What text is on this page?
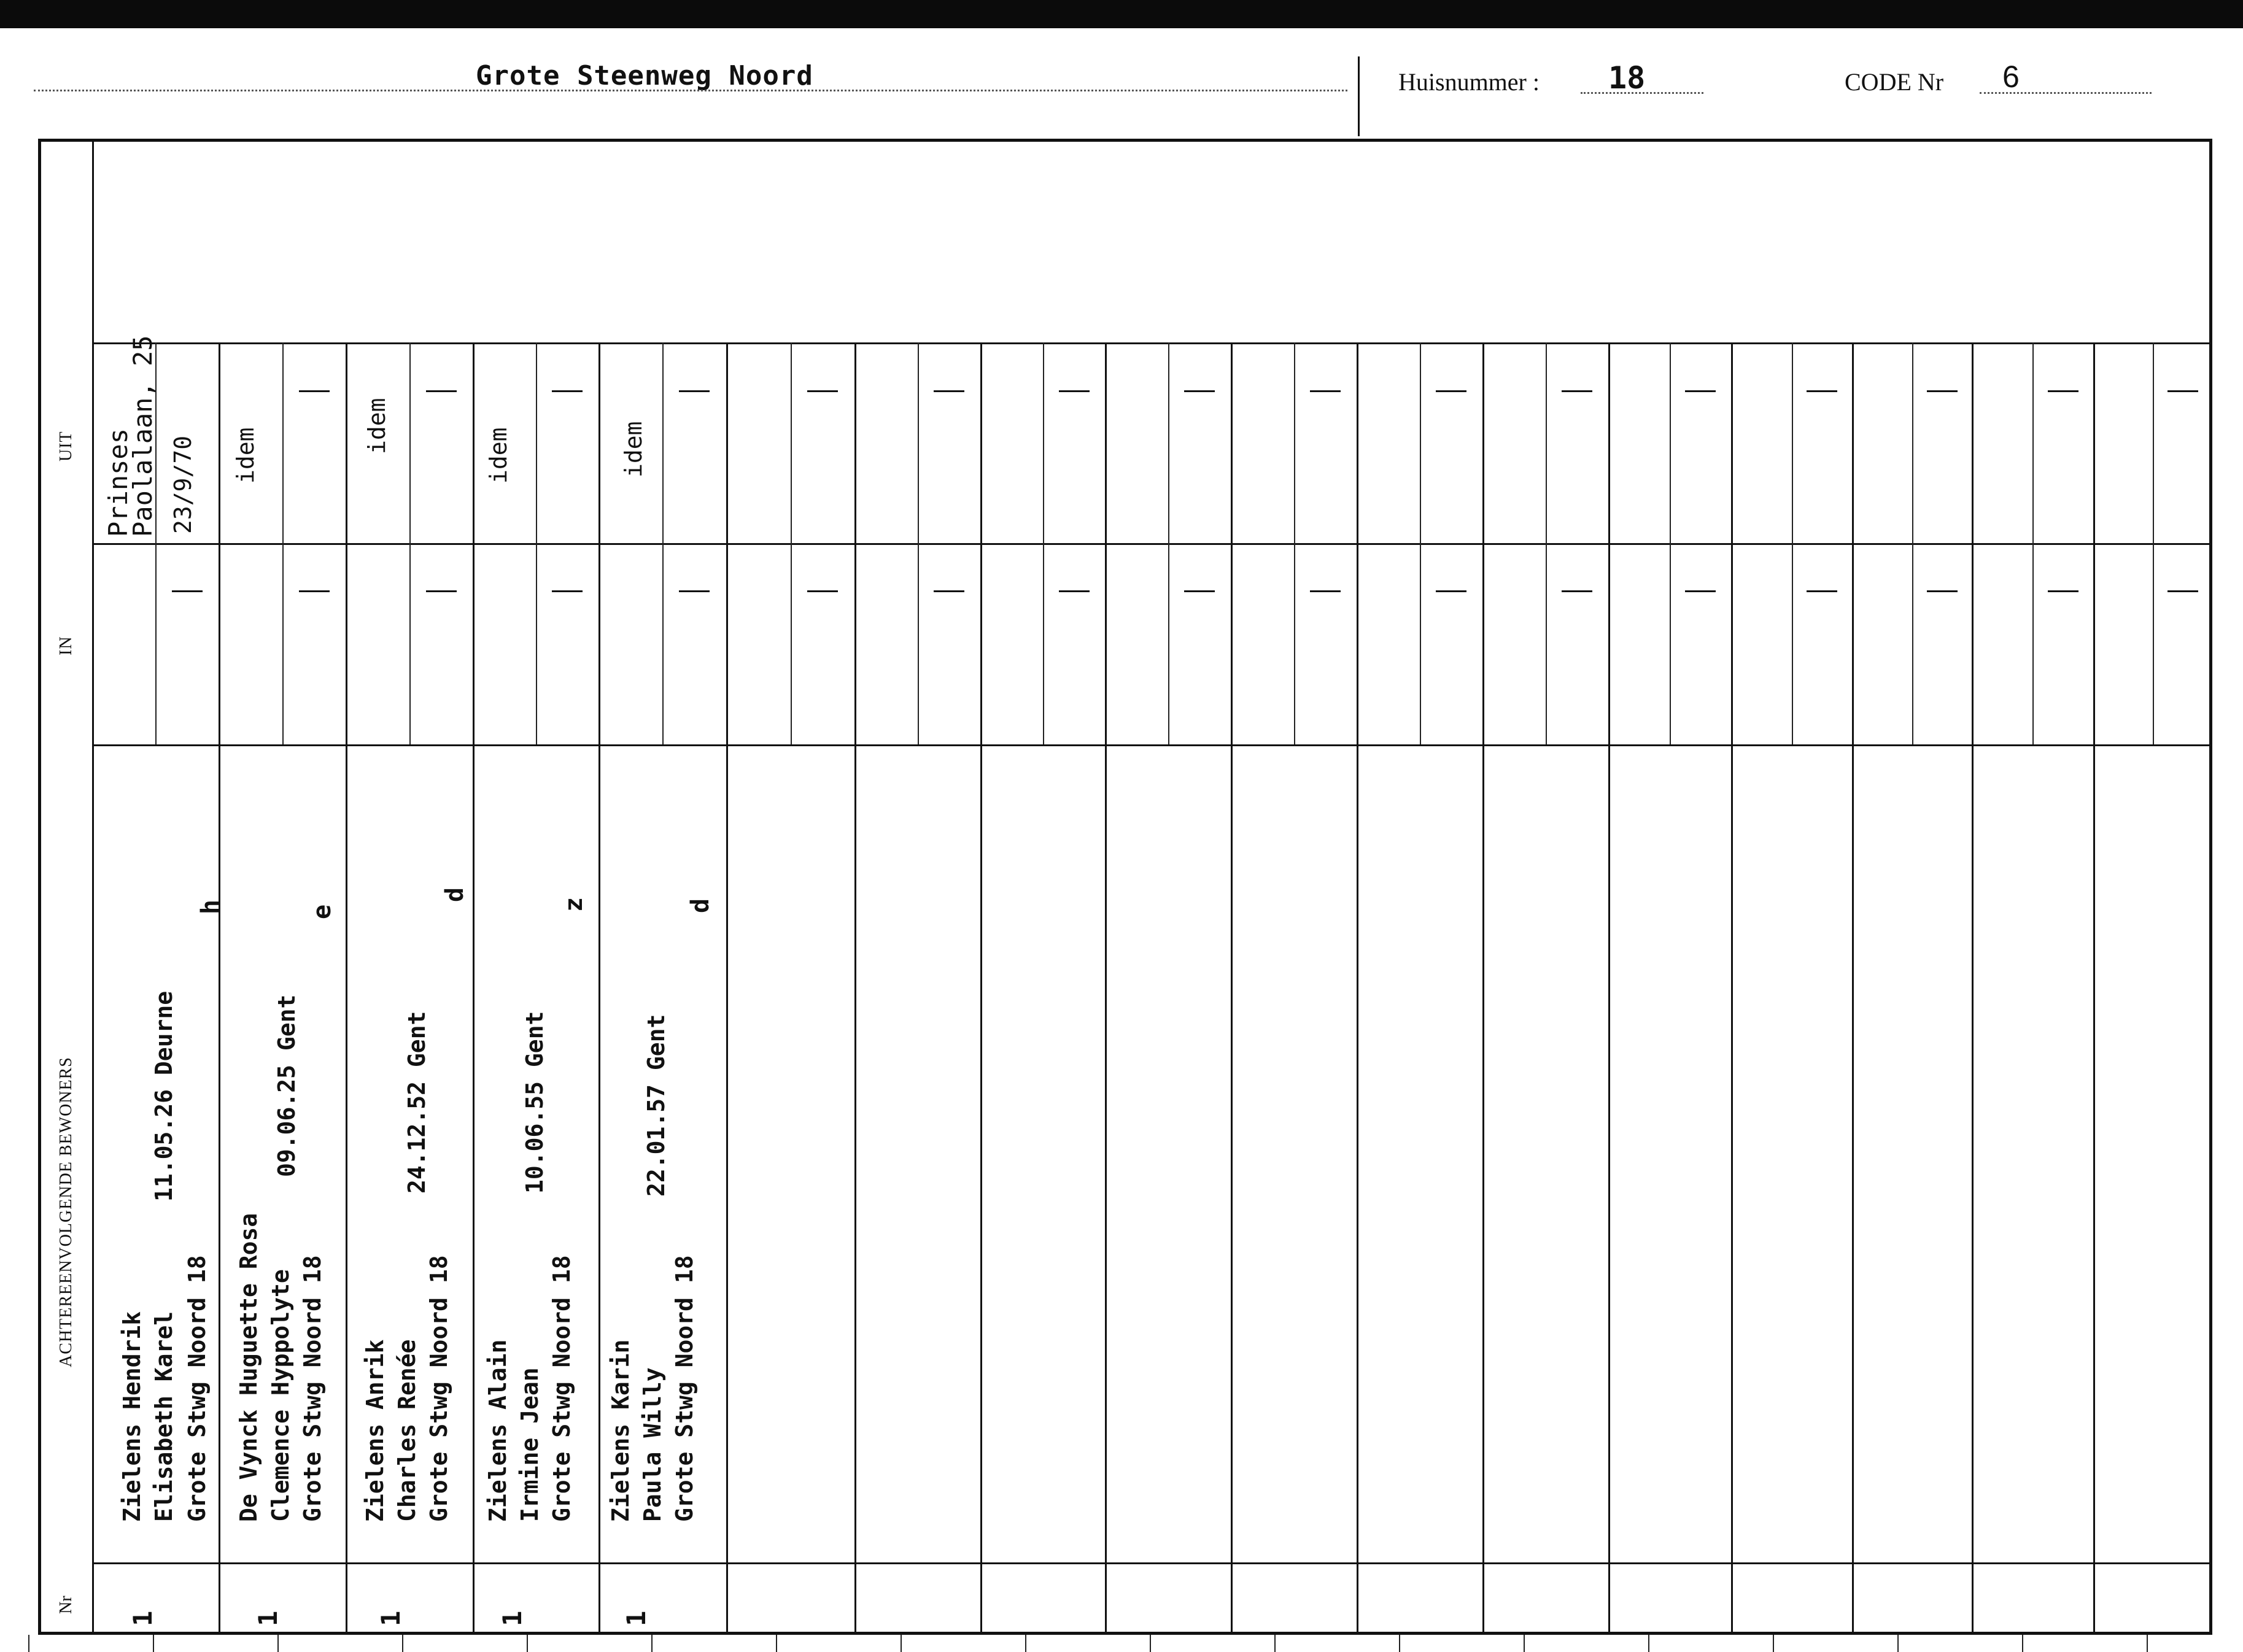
Grote Steenweg Noord	Huisnummer : 18	CODE Nr 6
UIT
IN
ACHTEREENVOLGENDE BEWONERS
Nr
Prinses
Paolalaan, 25 23/9/70
Zielens Hendrik Elisabeth Karel Grote Stwg Noord 18
11.05.26 Deurne
h
1
idem
De Vynck Huguette Rosa Clemence Hyppolyte Grote Stwg Noord 18
09.06.25 Gent
e
1
idem
Zielens Anrik Charles Renée Grote Stwg Noord 18
24.12.52 Gent
d
1
idem
Zielens Alain Irmine Jean Grote Stwg Noord 18
10.06.55 Gent
z
1
idem
Zielens Karin Paula Willy Grote Stwg Noord 18
22.01.57 Gent
d
1
